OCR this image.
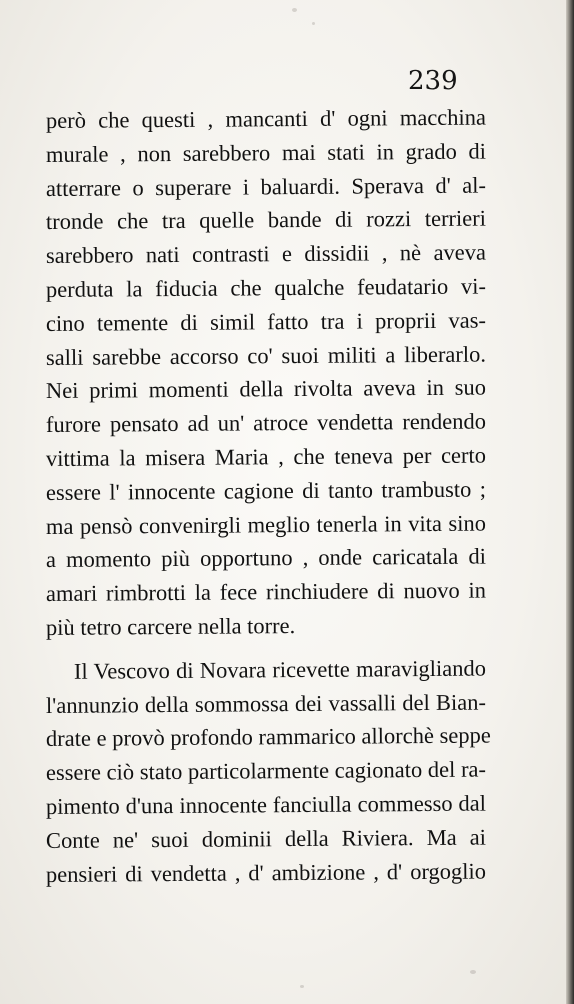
239
però che questi , mancanti d' ogni macchina
murale , non sarebbero mai stati in grado di
atterrare o superare i baluardi. Sperava d' al-
tronde che tra quelle bande di rozzi terrieri
sarebbero nati contrasti e dissidii , nè aveva
perduta la fiducia che qualche feudatario vi-
cino temente di simil fatto tra i proprii vas-
salli sarebbe accorso co' suoi militi a liberarlo.
Nei primi momenti della rivolta aveva in suo
furore pensato ad un' atroce vendetta rendendo
vittima la misera Maria , che teneva per certo
essere l' innocente cagione di tanto trambusto ;
ma pensò convenirgli meglio tenerla in vita sino
a momento più opportuno , onde caricatala di
amari rimbrotti la fece rinchiudere di nuovo in
più tetro carcere nella torre.
Il Vescovo di Novara ricevette maravigliando
l'annunzio della sommossa dei vassalli del Bian-
drate e provò profondo rammarico allorchè seppe
essere ciò stato particolarmente cagionato del ra-
pimento d'una innocente fanciulla commesso dal
Conte ne' suoi dominii della Riviera. Ma ai
pensieri di vendetta , d' ambizione , d' orgoglio
